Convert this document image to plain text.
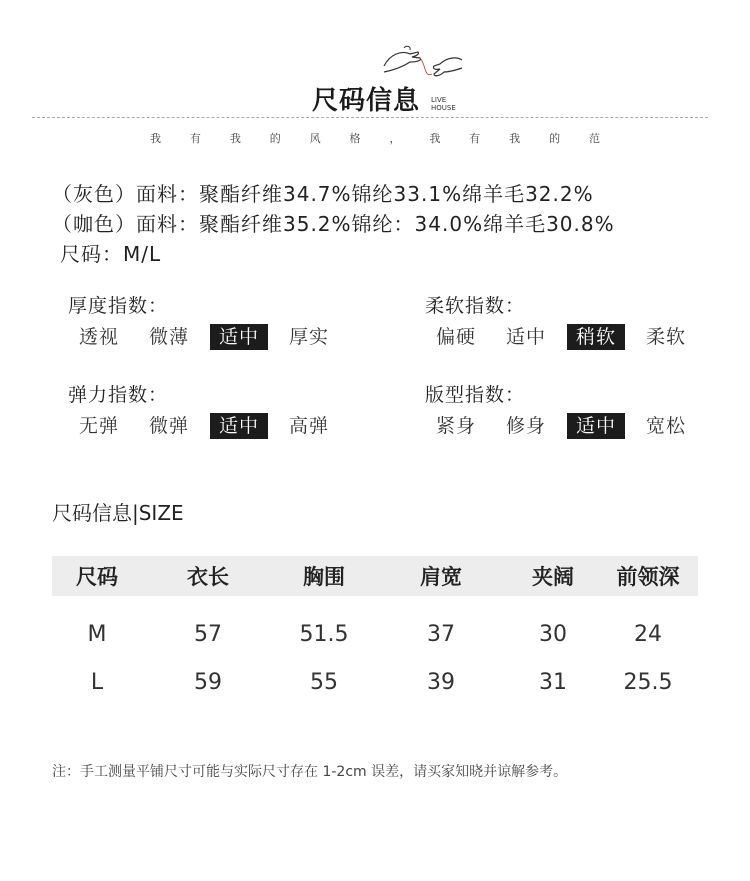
尺码信息 LIVE
HOUSE
我	有	我	的	风	格	，	我	有	我	的	范
（灰色）面料：聚酯纤维34.7%锦纶33.1%绵羊毛32.2%
（咖色）面料：聚酯纤维35.2%锦纶：34.0%绵羊毛30.8%
尺码：M/L
厚度指数：
透视	微薄	适中	厚实
柔软指数：
偏硬	适中	稍软	柔软
弹力指数：
无弹	微弹	适中	高弹
版型指数：
紧身	修身	适中	宽松
尺码信息|SIZE
尺码	衣长	胸围	肩宽	夹阔	前领深
M	57	51.5	37	30	24
L	59	55	39	31	25.5
注：手工测量平铺尺寸可能与实际尺寸存在 1-2cm 误差，请买家知晓并谅解参考。
